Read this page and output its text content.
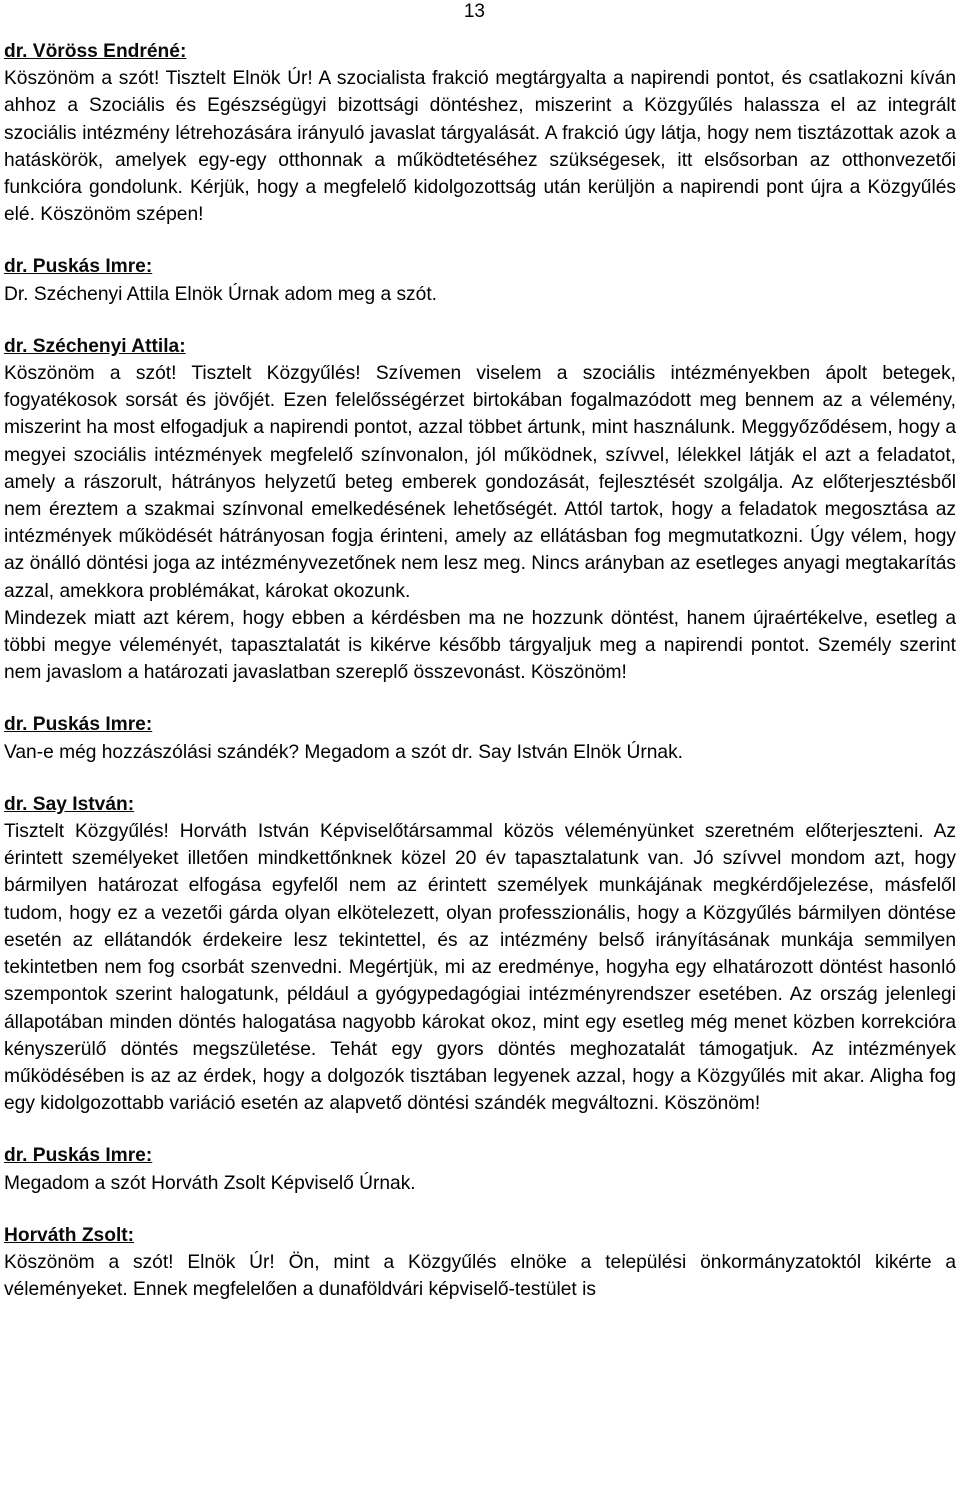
13
dr. Vöröss Endréné:

Köszönöm a szót! Tisztelt Elnök Úr! A szocialista frakció megtárgyalta a napirendi pontot, és csatlakozni kíván ahhoz a Szociális és Egészségügyi bizottsági döntéshez, miszerint a Közgyűlés halassza el az integrált szociális intézmény létrehozására irányuló javaslat tárgyalását. A frakció úgy látja, hogy nem tisztázottak azok a hatáskörök, amelyek egy-egy otthonnak a működtetéséhez szükségesek, itt elsősorban az otthonvezetői funkcióra gondolunk. Kérjük, hogy a megfelelő kidolgozottság után kerüljön a napirendi pont újra a Közgyűlés elé. Köszönöm szépen!

dr. Puskás Imre:

Dr. Széchenyi Attila Elnök Úrnak adom meg a szót.

dr. Széchenyi Attila:

Köszönöm a szót! Tisztelt Közgyűlés! Szívemen viselem a szociális intézményekben ápolt betegek, fogyatékosok sorsát és jövőjét. Ezen felelősségérzet birtokában fogalmazódott meg bennem az a vélemény, miszerint ha most elfogadjuk a napirendi pontot, azzal többet ártunk, mint használunk. Meggyőződésem, hogy a megyei szociális intézmények megfelelő színvonalon, jól működnek, szívvel, lélekkel látják el azt a feladatot, amely a rászorult, hátrányos helyzetű beteg emberek gondozását, fejlesztését szolgálja. Az előterjesztésből nem éreztem a szakmai színvonal emelkedésének lehetőségét. Attól tartok, hogy a feladatok megosztása az intézmények működését hátrányosan fogja érinteni, amely az ellátásban fog megmutatkozni. Úgy vélem, hogy az önálló döntési joga az intézményvezetőnek nem lesz meg. Nincs arányban az esetleges anyagi megtakarítás azzal, amekkora problémákat, károkat okozunk.

Mindezek miatt azt kérem, hogy ebben a kérdésben ma ne hozzunk döntést, hanem újraértékelve, esetleg a többi megye véleményét, tapasztalatát is kikérve később tárgyaljuk meg a napirendi pontot. Személy szerint nem javaslom a határozati javaslatban szereplő összevonást. Köszönöm!

dr. Puskás Imre:

Van-e még hozzászólási szándék? Megadom a szót dr. Say István Elnök Úrnak.

dr. Say István:

Tisztelt Közgyűlés! Horváth István Képviselőtársammal közös véleményünket szeretném előterjeszteni. Az érintett személyeket illetően mindkettőnknek közel 20 év tapasztalatunk van. Jó szívvel mondom azt, hogy bármilyen határozat elfogása egyfelől nem az érintett személyek munkájának megkérdőjelezése, másfelől tudom, hogy ez a vezetői gárda olyan elkötelezett, olyan professzionális, hogy a Közgyűlés bármilyen döntése esetén az ellátandók érdekeire lesz tekintettel, és az intézmény belső irányításának munkája semmilyen tekintetben nem fog csorbát szenvedni. Megértjük, mi az eredménye, hogyha egy elhatározott döntést hasonló szempontok szerint halogatunk, például a gyógypedagógiai intézményrendszer esetében. Az ország jelenlegi állapotában minden döntés halogatása nagyobb károkat okoz, mint egy esetleg még menet közben korrekcióra kényszerülő döntés megszületése. Tehát egy gyors döntés meghozatalát támogatjuk. Az intézmények működésében is az az érdek, hogy a dolgozók tisztában legyenek azzal, hogy a Közgyűlés mit akar. Aligha fog egy kidolgozottabb variáció esetén az alapvető döntési szándék megváltozni. Köszönöm!

dr. Puskás Imre:

Megadom a szót Horváth Zsolt Képviselő Úrnak.

Horváth Zsolt:

Köszönöm a szót! Elnök Úr! Ön, mint a Közgyűlés elnöke a települési önkormányzatoktól kikérte a véleményeket. Ennek megfelelően a dunaföldvári képviselő-testület is
